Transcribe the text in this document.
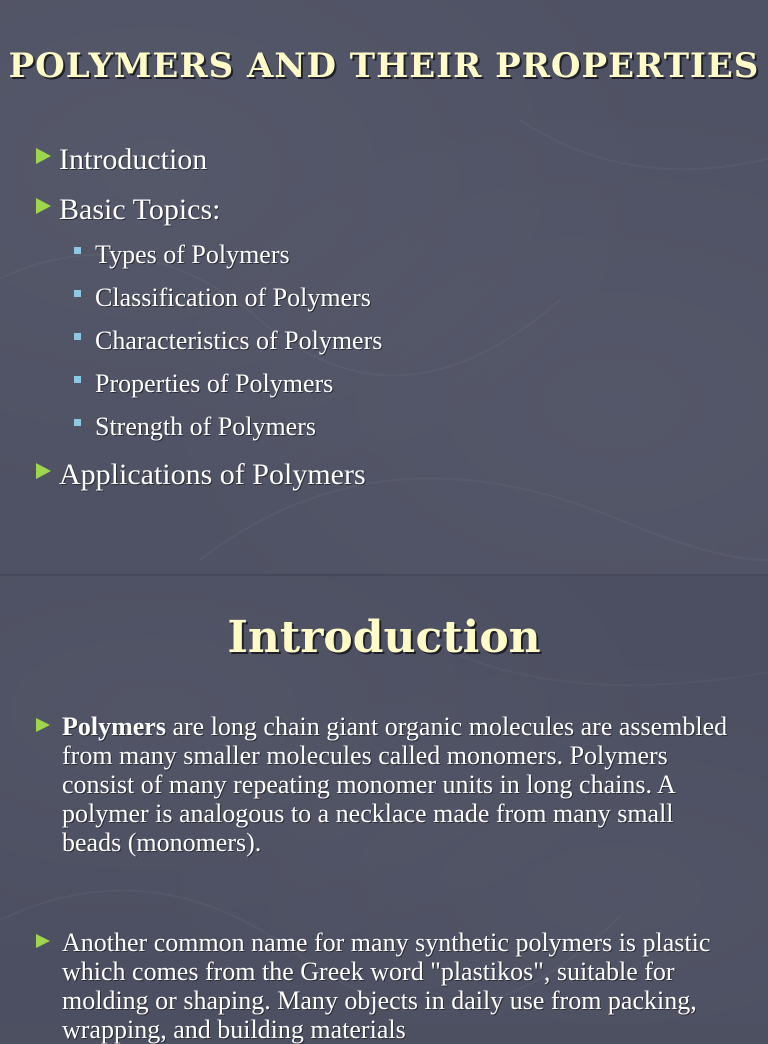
POLYMERS AND THEIR PROPERTIES
Introduction
Basic Topics:
Types of Polymers
Classification of Polymers
Characteristics of Polymers
Properties of Polymers
Strength of Polymers
Applications of Polymers
Introduction
Polymers are long chain giant organic molecules are assembled from many smaller molecules called monomers. Polymers consist of many repeating monomer units in long chains. A polymer is analogous to a necklace made from many small beads (monomers).
Another common name for many synthetic polymers is plastic which comes from the Greek word "plastikos", suitable for molding or shaping. Many objects in daily use from packing, wrapping, and building materials
